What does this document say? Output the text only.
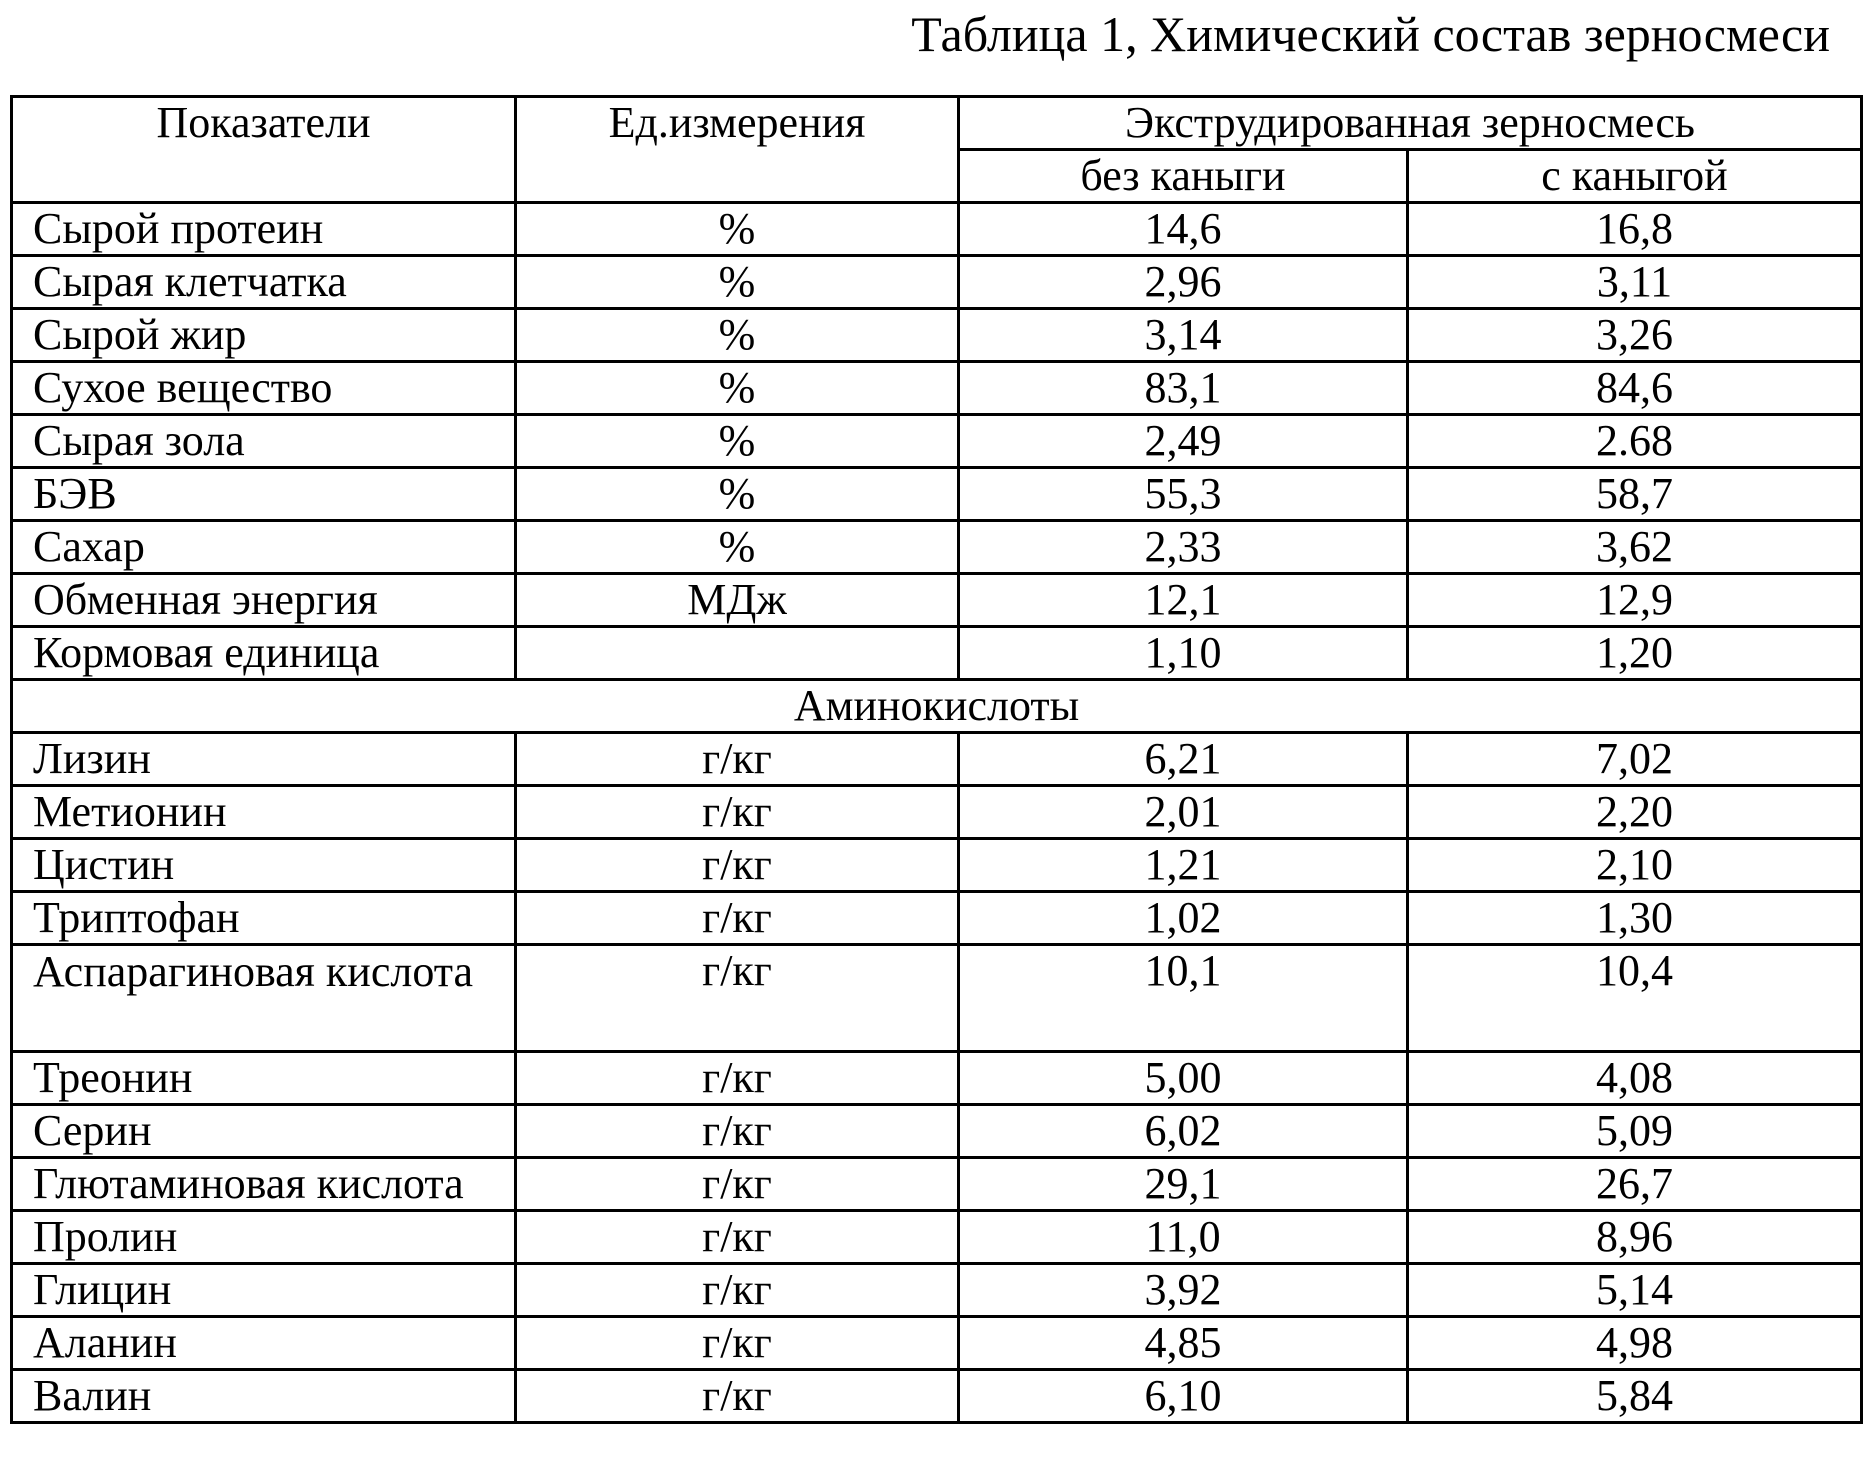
Таблица 1, Химический состав зерносмеси
Показатели	Ед.измерения	Экструдированная зерносмесь	
		без каныги	с каныгой
Сырой протеин	%	14,6	16,8
Сырая клетчатка	%	2,96	3,11
Сырой жир	%	3,14	3,26
Сухое вещество	%	83,1	84,6
Сырая зола	%	2,49	2.68
БЭВ	%	55,3	58,7
Сахар	%	2,33	3,62
Обменная энергия	МДж	12,1	12,9
Кормовая единица		1,10	1,20
Аминокислоты			
Лизин	г/кг	6,21	7,02
Метионин	г/кг	2,01	2,20
Цистин	г/кг	1,21	2,10
Триптофан	г/кг	1,02	1,30
Аспарагиновая кислота	г/кг	10,1	10,4
Треонин	г/кг	5,00	4,08
Серин	г/кг	6,02	5,09
Глютаминовая кислота	г/кг	29,1	26,7
Пролин	г/кг	11,0	8,96
Глицин	г/кг	3,92	5,14
Аланин	г/кг	4,85	4,98
Валин	г/кг	6,10	5,84
